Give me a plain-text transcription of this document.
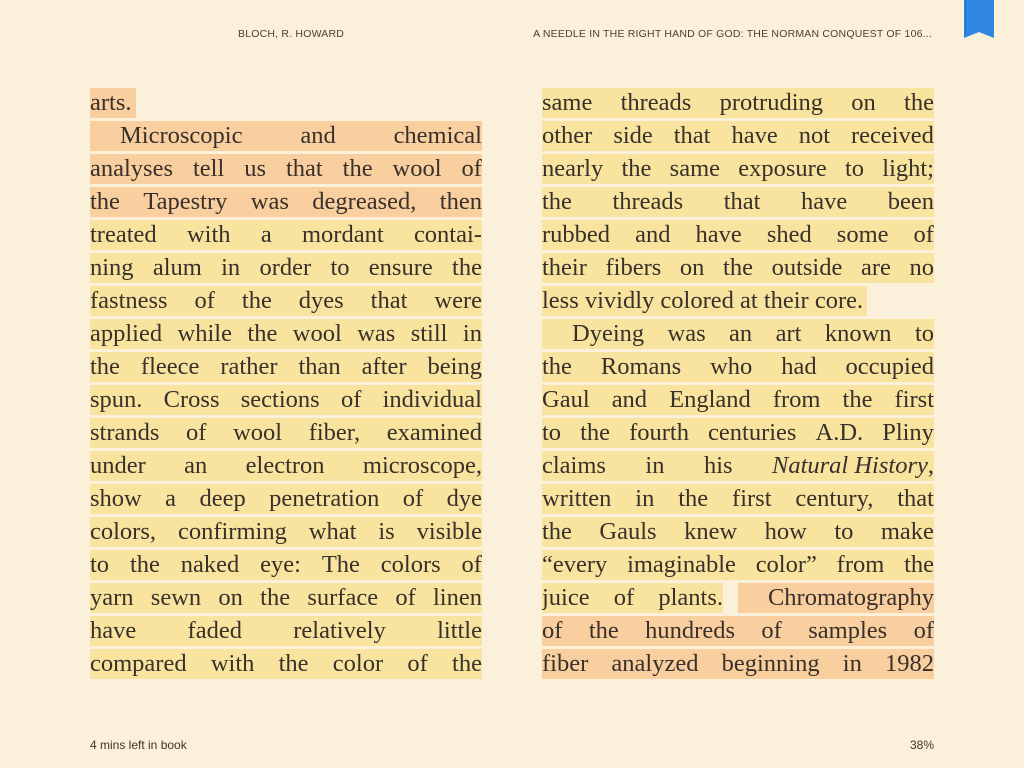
BLOCH, R. HOWARD	A NEEDLE IN THE RIGHT HAND OF GOD: THE NORMAN CONQUEST OF 106...
arts.
Microscopic and chemical
analyses tell us that the wool of
the Tapestry was degreased, then
treated with a mordant contai-
ning alum in order to ensure the
fastness of the dyes that were
applied while the wool was still in
the fleece rather than after being
spun. Cross sections of individual
strands of wool fiber, examined
under an electron microscope,
show a deep penetration of dye
colors, confirming what is visible
to the naked eye: The colors of
yarn sewn on the surface of linen
have faded relatively little
compared with the color of the
same threads protruding on the
other side that have not received
nearly the same exposure to light;
the threads that have been
rubbed and have shed some of
their fibers on the outside are no
less vividly colored at their core.
Dyeing was an art known to
the Romans who had occupied
Gaul and England from the first
to the fourth centuries A.D. Pliny
claims in his Natural History,
written in the first century, that
the Gauls knew how to make
“every imaginable color” from the
juice of plants. Chromatography
of the hundreds of samples of
fiber analyzed beginning in 1982
4 mins left in book	38%
